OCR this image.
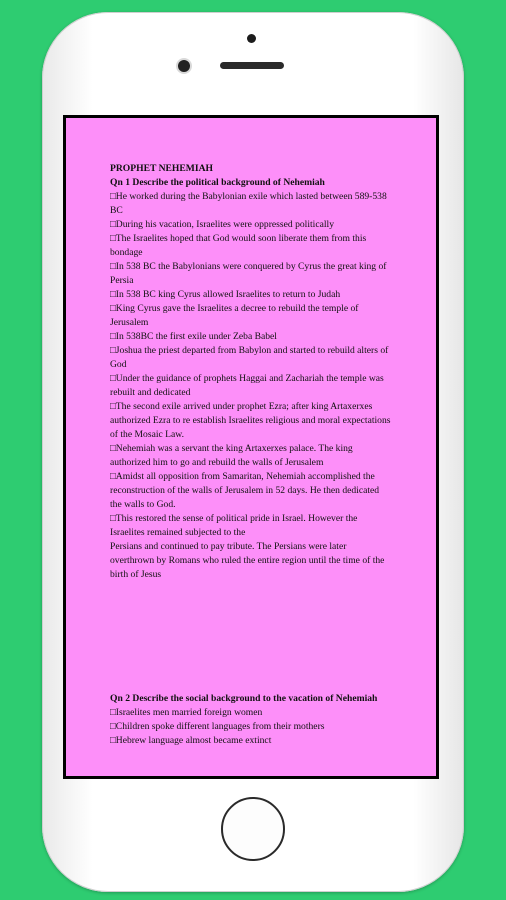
PROPHET NEHEMIAH

Qn 1 Describe the political background of Nehemiah

□He worked during the Babylonian exile which lasted between 589-538 BC

□During his vacation, Israelites were oppressed politically

□The Israelites hoped that God would soon liberate them from this bondage

□In 538 BC the Babylonians were conquered by Cyrus the great king of Persia

□In 538 BC king Cyrus allowed Israelites to return to Judah

□King Cyrus gave the Israelites a decree to rebuild the temple of Jerusalem

□In 538BC the first exile under Zeba Babel

□Joshua the priest departed from Babylon and started to rebuild alters of God

□Under the guidance of prophets Haggai and Zachariah the temple was rebuilt and dedicated

□The second exile arrived under prophet Ezra; after king Artaxerxes authorized Ezra to re establish Israelites religious and moral expectations of the Mosaic Law.

□Nehemiah was a servant the king Artaxerxes palace. The king authorized him to go and rebuild the walls of Jerusalem

□Amidst all opposition from Samaritan, Nehemiah accomplished the reconstruction of the walls of Jerusalem in 52 days. He then dedicated the walls to God.

□This restored the sense of political pride in Israel. However the Israelites remained subjected to the

Persians and continued to pay tribute. The Persians were later overthrown by Romans who ruled the entire region until the time of the birth of Jesus

Qn 2 Describe the social background to the vacation of Nehemiah

□Israelites men married foreign women

□Children spoke different languages from their mothers

□Hebrew language almost became extinct
